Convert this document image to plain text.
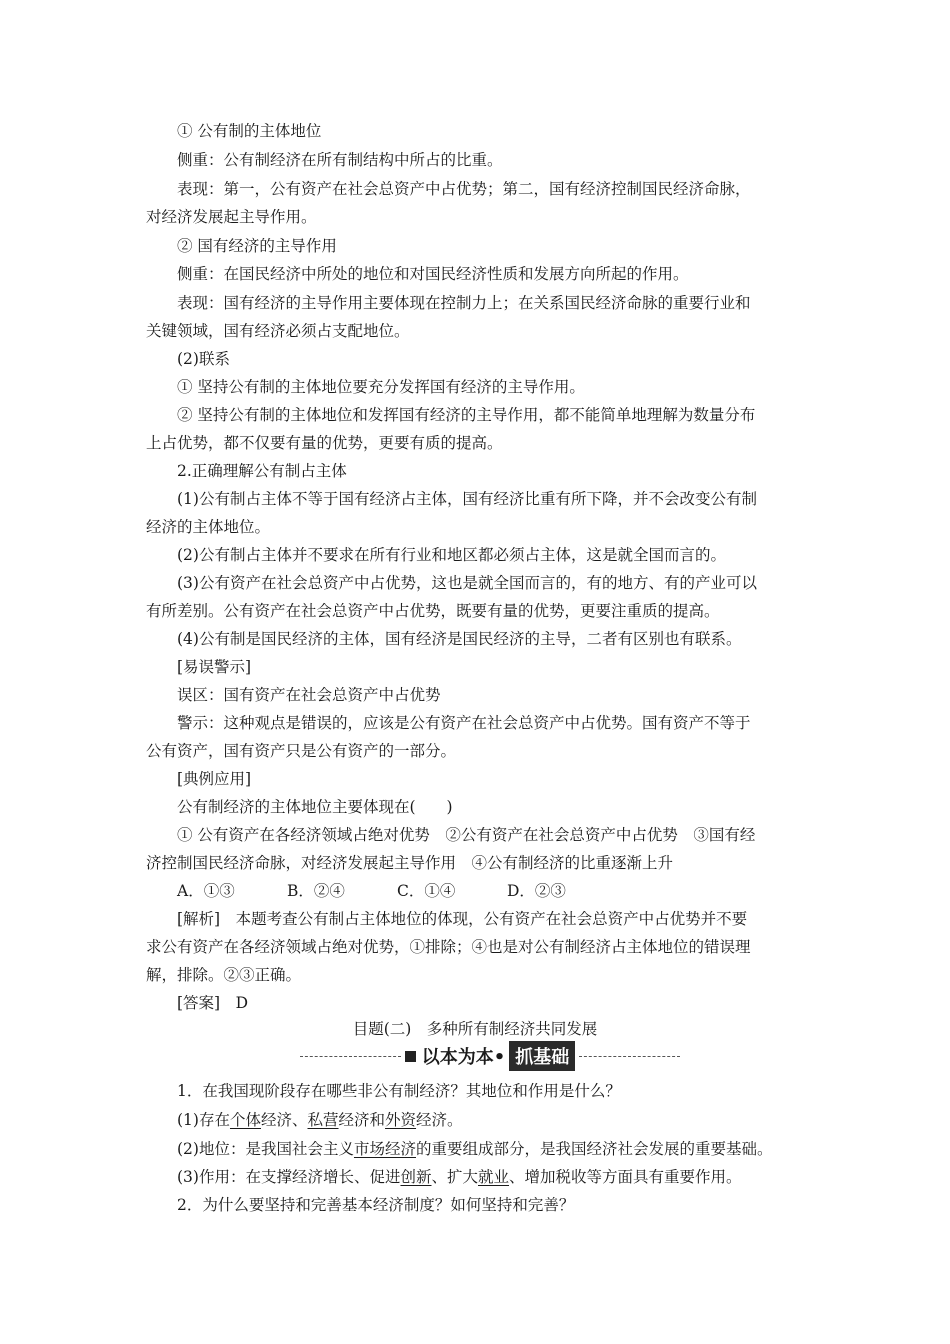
① 公有制的主体地位
侧重：公有制经济在所有制结构中所占的比重。
表现：第一，公有资产在社会总资产中占优势；第二，国有经济控制国民经济命脉，
对经济发展起主导作用。
② 国有经济的主导作用
侧重：在国民经济中所处的地位和对国民经济性质和发展方向所起的作用。
表现：国有经济的主导作用主要体现在控制力上；在关系国民经济命脉的重要行业和
关键领域，国有经济必须占支配地位。
(2)联系
① 坚持公有制的主体地位要充分发挥国有经济的主导作用。
② 坚持公有制的主体地位和发挥国有经济的主导作用，都不能简单地理解为数量分布
上占优势，都不仅要有量的优势，更要有质的提高。
2.正确理解公有制占主体
(1)公有制占主体不等于国有经济占主体，国有经济比重有所下降，并不会改变公有制
经济的主体地位。
(2)公有制占主体并不要求在所有行业和地区都必须占主体，这是就全国而言的。
(3)公有资产在社会总资产中占优势，这也是就全国而言的，有的地方、有的产业可以
有所差别。公有资产在社会总资产中占优势，既要有量的优势，更要注重质的提高。
(4)公有制是国民经济的主体，国有经济是国民经济的主导，二者有区别也有联系。
[易误警示]
误区：国有资产在社会总资产中占优势
警示：这种观点是错误的，应该是公有资产在社会总资产中占优势。国有资产不等于
公有资产，国有资产只是公有资产的一部分。
[典例应用]
公有制经济的主体地位主要体现在(　　)
① 公有资产在各经济领域占绝对优势　②公有资产在社会总资产中占优势　③国有经
济控制国民经济命脉，对经济发展起主导作用　④公有制经济的比重逐渐上升
A．①③	B．②④	C．①④	D．②③
[解析]　本题考查公有制占主体地位的体现，公有资产在社会总资产中占优势并不要
求公有资产在各经济领域占绝对优势，①排除；④也是对公有制经济占主体地位的错误理
解，排除。②③正确。
[答案]　D
目题(二)　多种所有制经济共同发展
以本为本• 抓基础
1．在我国现阶段存在哪些非公有制经济？其地位和作用是什么？
(1)存在个体经济、私营经济和外资经济。
(2)地位：是我国社会主义市场经济的重要组成部分，是我国经济社会发展的重要基础。
(3)作用：在支撑经济增长、促进创新、扩大就业、增加税收等方面具有重要作用。
2．为什么要坚持和完善基本经济制度？如何坚持和完善？
